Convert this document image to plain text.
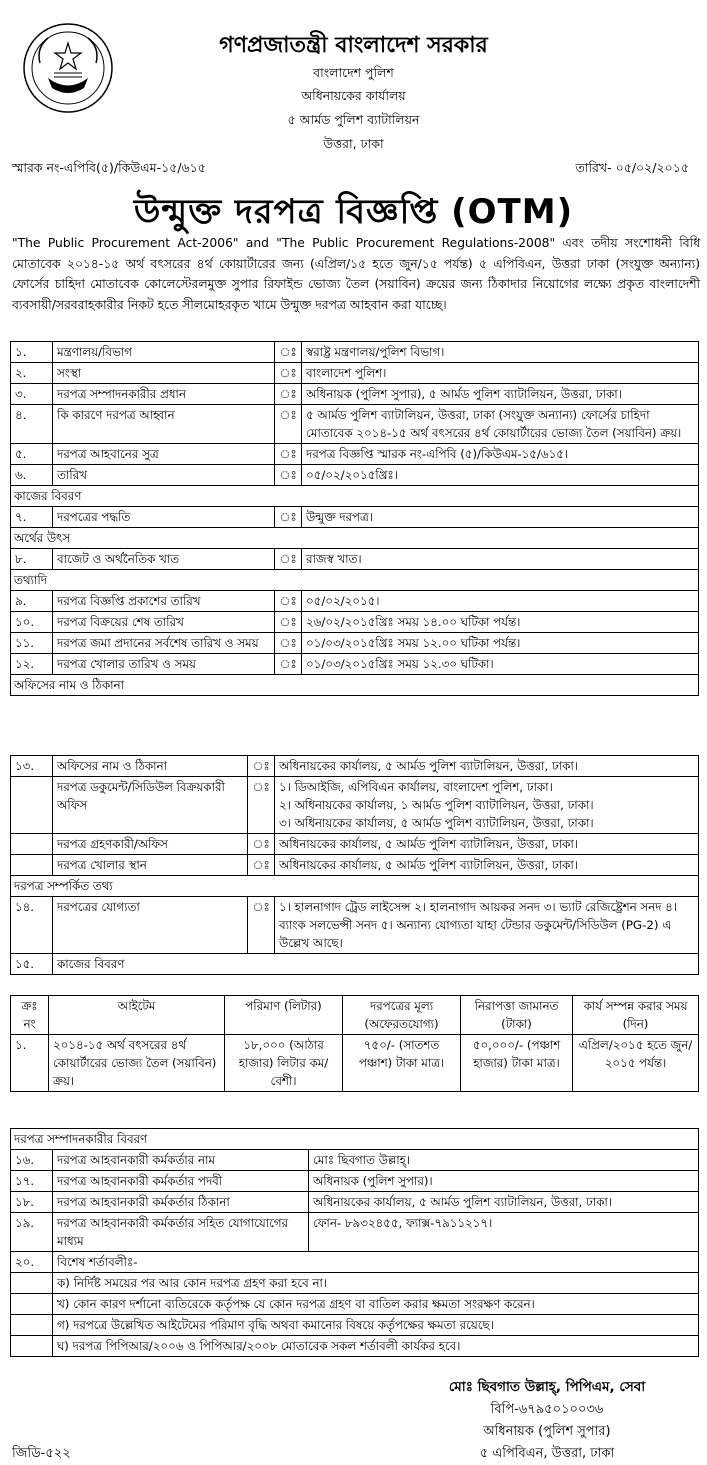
গণপ্রজাতন্ত্রী বাংলাদেশ সরকার
বাংলাদেশ পুলিশ
অধিনায়কের কার্যালয়
৫ আর্মড পুলিশ ব্যাটালিয়ন
উত্তরা, ঢাকা
স্মারক নং-এপিবি(৫)/কিউএম-১৫/৬১৫	তারিখ- ০৫/০২/২০১৫
উন্মুক্ত দরপত্র বিজ্ঞপ্তি (OTM)
"The Public Procurement Act-2006" and "The Public Procurement Regulations-2008" এবং তদীয় সংশোধনী বিধি মোতাবেক ২০১৪-১৫ অর্থ বৎসরের ৪র্থ কোয়ার্টারের জন্য (এপ্রিল/১৫ হতে জুন/১৫ পর্যন্ত) ৫ এপিবিএন, উত্তরা ঢাকা (সংযুক্ত অন্যান্য) ফোর্সের চাহিদা মোতাবেক কোলেস্টেরলমুক্ত সুপার রিফাইন্ড ভোজ্য তৈল (সয়াবিন) ক্রয়ের জন্য ঠিকাদার নিয়োগের লক্ষ্যে প্রকৃত বাংলাদেশী ব্যবসায়ী/সরবরাহকারীর নিকট হতে সীলমোহরকৃত খামে উন্মুক্ত দরপত্র আহবান করা যাচ্ছে।
১.	মন্ত্রণালয়/বিভাগ	ঃ	স্বরাষ্ট্র মন্ত্রণালয়/পুলিশ বিভাগ।
২.	সংস্থা	ঃ	বাংলাদেশ পুলিশ।
৩.	দরপত্র সম্পাদনকারীর প্রধান	ঃ	অধিনায়ক (পুলিশ সুপার), ৫ আর্মড পুলিশ ব্যাটালিয়ন, উত্তরা, ঢাকা।
৪.	কি কারণে দরপত্র আহ্বান	ঃ	৫ আর্মড পুলিশ ব্যাটালিয়ন, উত্তরা, ঢাকা (সংযুক্ত অন্যান্য) ফোর্সের চাহিদা মোতাবেক ২০১৪-১৫ অর্থ বৎসরের ৪র্থ কোয়ার্টারের ভোজ্য তৈল (সয়াবিন) ক্রয়।
৫.	দরপত্র আহবানের সুত্র	ঃ	দরপত্র বিজ্ঞপ্তি স্মারক নং-এপিবি (৫)/কিউএম-১৫/৬১৫।
৬.	তারিখ	ঃ	০৫/০২/২০১৫খ্রিঃ।
কাজের বিবরণ			
৭.	দরপত্রের পদ্ধতি	ঃ	উন্মুক্ত দরপত্র।
অর্থের উৎস			
৮.	বাজেট ও অর্থনৈতিক খাত	ঃ	রাজস্ব খাত।
তথ্যাদি			
৯.	দরপত্র বিজ্ঞপ্তি প্রকাশের তারিখ	ঃ	০৫/০২/২০১৫।
১০.	দরপত্র বিক্রয়ের শেষ তারিখ	ঃ	২৬/০২/২০১৫খ্রিঃ সময় ১৪.০০ ঘটিকা পর্যন্ত।
১১.	দরপত্র জমা প্রদানের সর্বশেষ তারিখ ও সময়	ঃ	০১/০৩/২০১৫খ্রিঃ সময় ১২.০০ ঘটিকা পর্যন্ত।
১২.	দরপত্র খোলার তারিখ ও সময়	ঃ	০১/০৩/২০১৫খ্রিঃ সময় ১২.৩০ ঘটিকা।
অফিসের নাম ও ঠিকানা			
১৩.	অফিসের নাম ও ঠিকানা	ঃ	অধিনায়কের কার্যালয়, ৫ আর্মড পুলিশ ব্যাটালিয়ন, উত্তরা, ঢাকা।
	দরপত্র ডকুমেন্ট/সিডিউল বিক্রয়কারী অফিস	ঃ	১। ডিআইজি, এপিবিএন কার্যালয়, বাংলাদেশ পুলিশ, ঢাকা।
২। অধিনায়কের কার্যালয়, ১ আর্মড পুলিশ ব্যাটালিয়ন, উত্তরা, ঢাকা।
৩। অধিনায়কের কার্যালয়, ৫ আর্মড পুলিশ ব্যাটালিয়ন, উত্তরা, ঢাকা।

	দরপত্র গ্রহণকারী/অফিস	ঃ	অধিনায়কের কার্যালয়, ৫ আর্মড পুলিশ ব্যাটালিয়ন, উত্তরা, ঢাকা।
	দরপত্র খোলার স্থান	ঃ	অধিনায়কের কার্যালয়, ৫ আর্মড পুলিশ ব্যাটালিয়ন, উত্তরা, ঢাকা।
দরপত্র সম্পর্কিত তথ্য			
১৪.	দরপত্রের যোগ্যতা	ঃ	১। হালনাগাদ ট্রেড লাইসেন্স ২। হালনাগাদ আয়কর সনদ ৩। ভ্যাট রেজিষ্ট্রেশন সনদ ৪। ব্যাংক সলভেন্সী সনদ ৫। অন্যান্য যোগ্যতা যাহা টেন্ডার ডকুমেন্ট/সিডিউল (PG-2) এ উল্লেখ আছে।
১৫.	কাজের বিবরণ		
ক্রঃ নং	আইটেম	পরিমাণ (লিটার)	দরপত্রের মূল্য (অফেরতযোগ্য)	নিরাপত্তা জামানত (টাকা)	কার্য সম্পন্ন করার সময় (দিন)
১.	২০১৪-১৫ অর্থ বৎসরের ৪র্থ কোয়ার্টারের ভোজ্য তৈল (সয়াবিন) ক্রয়।	১৮,০০০ (আঠার হাজার) লিটার কম/বেশী।	৭৫০/- (সাতশত পঞ্চাশ) টাকা মাত্র।	৫০,০০০/- (পঞ্চাশ হাজার) টাকা মাত্র।	এপ্রিল/২০১৫ হতে জুন/২০১৫ পর্যন্ত।
দরপত্র সম্পাদনকারীর বিবরণ		
১৬.	দরপত্র আহবানকারী কর্মকর্তার নাম	মোঃ ছিবগাত উল্লাহ্।
১৭.	দরপত্র আহবানকারী কর্মকর্তার পদবী	অধিনায়ক (পুলিশ সুপার)।
১৮.	দরপত্র আহবানকারী কর্মকর্তার ঠিকানা	অধিনায়কের কার্যালয়, ৫ আর্মড পুলিশ ব্যাটালিয়ন, উত্তরা, ঢাকা।
১৯.	দরপত্র আহবানকারী কর্মকর্তার সহিত যোগাযোগের মাধ্যম	ফোন- ৮৯৩২৪৫৫, ফ্যাক্স-৭৯১১২১৭।
২০.	বিশেষ শর্তাবলীঃ-	
	ক) নির্দিষ্ট সময়ের পর আর কোন দরপত্র গ্রহণ করা হবে না।	
	খ) কোন কারণ দর্শানো ব্যতিরেকে কর্তৃপক্ষ যে কোন দরপত্র গ্রহণ বা বাতিল করার ক্ষমতা সংরক্ষণ করেন।	
	গ) দরপত্রে উল্লেখিত আইটেমের পরিমাণ বৃদ্ধি অথবা কমানোর বিষয়ে কর্তৃপক্ষের ক্ষমতা রয়েছে।	
	ঘ) দরপত্র পিপিআর/২০০৬ ও পিপিআর/২০০৮ মোতাবেক সকল শর্তাবলী কার্যকর হবে।	
মোঃ ছিবগাত উল্লাহ্, পিপিএম, সেবা
বিপি-৬৭৯৫০১০০৩৬
অধিনায়ক (পুলিশ সুপার)
৫ এপিবিএন, উত্তরা, ঢাকা
জিডি-৫২২
